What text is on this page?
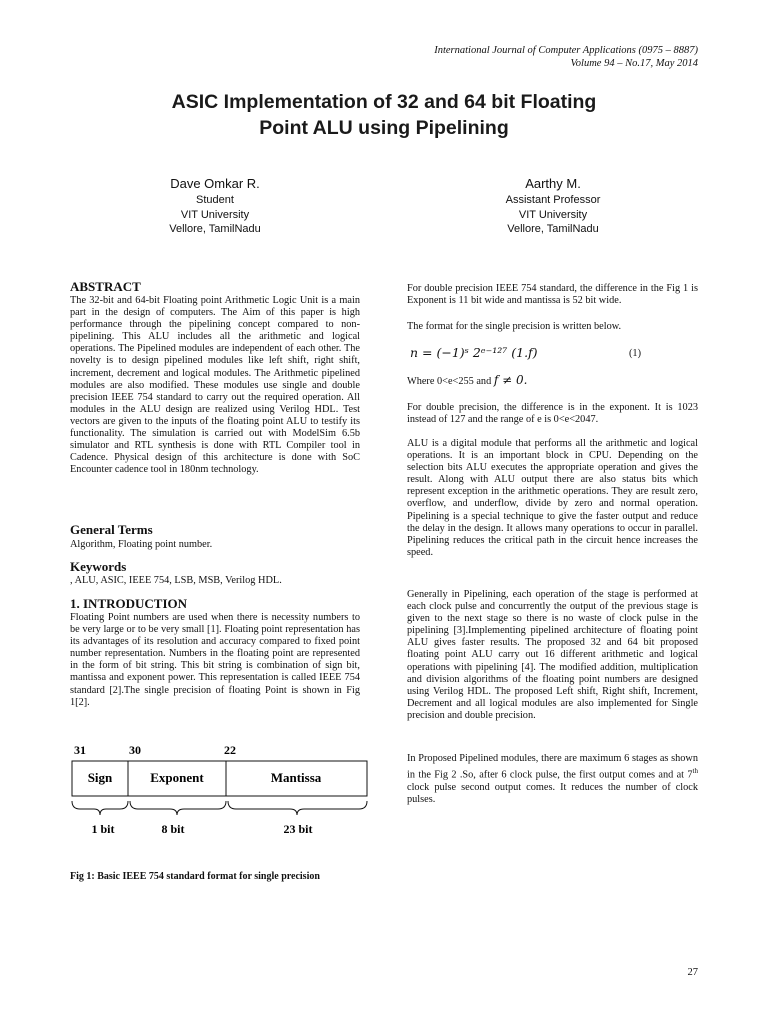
International Journal of Computer Applications (0975 – 8887)
Volume 94 – No.17, May 2014
ASIC Implementation of 32 and 64 bit Floating
Point ALU using Pipelining
Dave Omkar R.
Student
VIT University
Vellore, TamilNadu
Aarthy M.
Assistant Professor
VIT University
Vellore, TamilNadu
ABSTRACT
The 32-bit and 64-bit Floating point Arithmetic Logic Unit is a main part in the design of computers. The Aim of this paper is high performance through the pipelining concept compared to non-pipelining. This ALU includes all the arithmetic and logical operations. The Pipelined modules are independent of each other. The novelty is to design pipelined modules like left shift, right shift, increment, decrement and logical modules. The Arithmetic pipelined modules are also modified. These modules use single and double precision IEEE 754 standard to carry out the required operation. All modules in the ALU design are realized using Verilog HDL. Test vectors are given to the inputs of the floating point ALU to testify its functionality. The simulation is carried out with ModelSim 6.5b simulator and RTL synthesis is done with RTL Compiler tool in Cadence. Physical design of this architecture is done with SoC Encounter cadence tool in 180nm technology.
General Terms
Algorithm, Floating point number.
Keywords
, ALU, ASIC, IEEE 754, LSB, MSB, Verilog HDL.
1. INTRODUCTION
Floating Point numbers are used when there is necessity numbers to be very large or to be very small [1]. Floating point representation has its advantages of its resolution and accuracy compared to fixed point number representation. Numbers in the floating point are represented in the form of bit string. This bit string is combination of sign bit, mantissa and exponent power. This representation is called IEEE 754 standard [2].The single precision of floating Point is shown in Fig 1[2].
31	30	22
Sign	Exponent	Mantissa
1 bit	8 bit	23 bit
Fig 1: Basic IEEE 754 standard format for single precision
For double precision IEEE 754 standard, the difference in the Fig 1 is Exponent is 11 bit wide and mantissa is 52 bit wide.
The format for the single precision is written below.
n = (−1)ˢ 2ᵉ⁻¹²⁷ (1.f)	(1)
Where 0<e<255 and f ≠ 0.
For double precision, the difference is in the exponent. It is 1023 instead of 127 and the range of e is 0<e<2047.
ALU is a digital module that performs all the arithmetic and logical operations. It is an important block in CPU. Depending on the selection bits ALU executes the appropriate operation and gives the result. Along with ALU output there are also status bits which represent exception in the arithmetic operations. They are result zero, overflow, and underflow, divide by zero and normal operation. Pipelining is a special technique to give the faster output and reduce the delay in the design. It allows many operations to occur in parallel. Pipelining reduces the critical path in the circuit hence increases the speed.
Generally in Pipelining, each operation of the stage is performed at each clock pulse and concurrently the output of the previous stage is given to the next stage so there is no waste of clock pulse in the pipelining [3].Implementing pipelined architecture of floating point ALU gives faster results. The proposed 32 and 64 bit proposed floating point ALU carry out 16 different arithmetic and logical operations with pipelining [4]. The modified addition, multiplication and division algorithms of the floating point numbers are designed using Verilog HDL. The proposed Left shift, Right shift, Increment, Decrement and all logical modules are also implemented for Single precision and double precision.
In Proposed Pipelined modules, there are maximum 6 stages as shown in the Fig 2 .So, after 6 clock pulse, the first output comes and at 7th clock pulse second output comes. It reduces the number of clock pulses.
27
